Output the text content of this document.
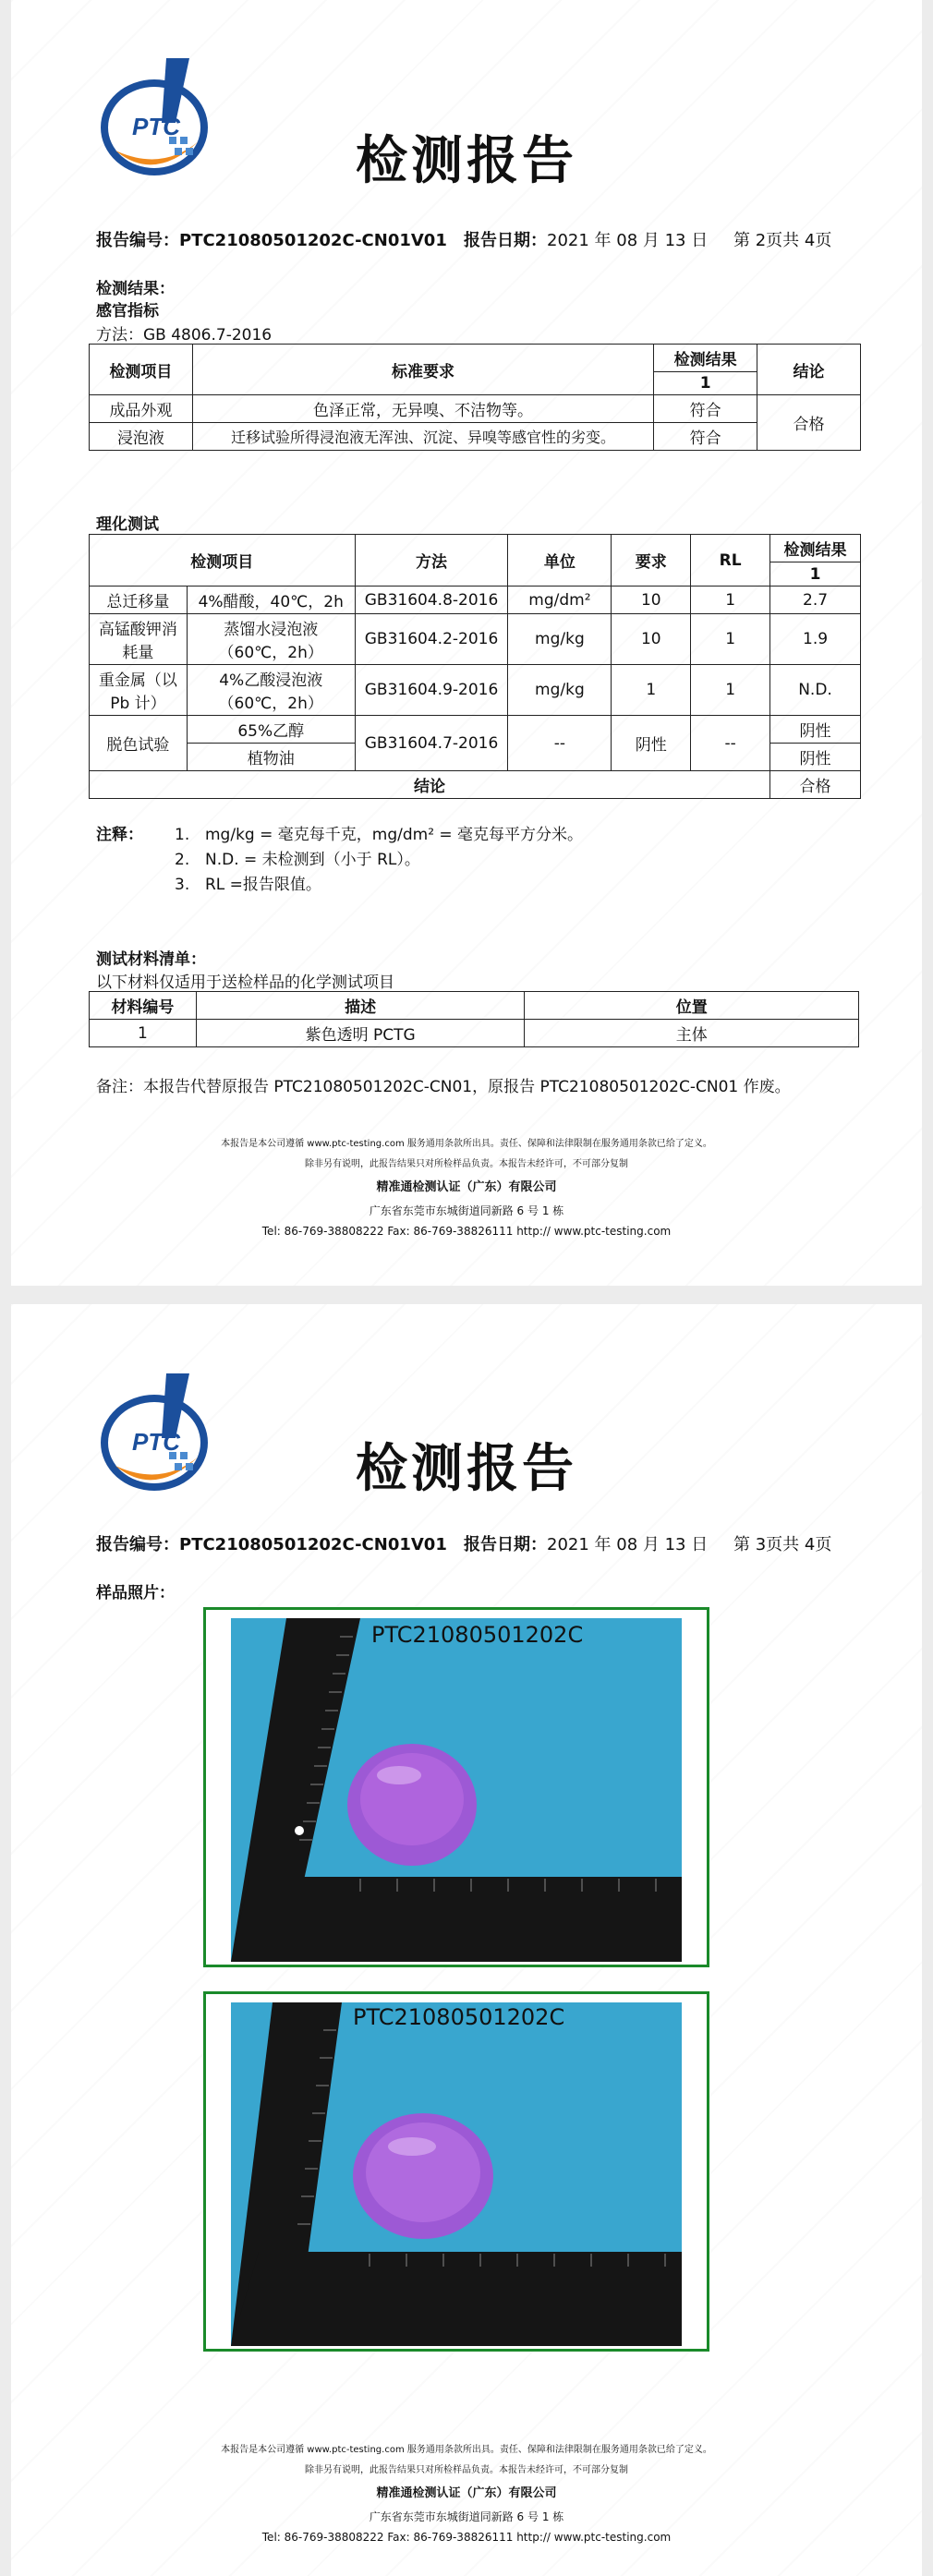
PTC
检测报告
报告编号：PTC21080501202C-CN01V01 报告日期：2021 年 08 月 13 日 第 2页共 4页
检测结果：
感官指标
方法：GB 4806.7-2016
检测项目	标准要求	检测结果	结论
		1	
成品外观	色泽正常，无异嗅、不洁物等。	符合	合格
浸泡液	迁移试验所得浸泡液无浑浊、沉淀、异嗅等感官性的劣变。	符合	
理化测试
检测项目		方法	单位	要求	RL	检测结果
						1
总迁移量	4%醋酸，40℃，2h	GB31604.8-2016	mg/dm²	10	1	2.7
高锰酸钾消耗量	蒸馏水浸泡液（60℃，2h）	GB31604.2-2016	mg/kg	10	1	1.9
重金属（以Pb 计）	4%乙酸浸泡液（60℃，2h）	GB31604.9-2016	mg/kg	1	1	N.D.
脱色试验	65%乙醇	GB31604.7-2016	--	阴性	--	阴性
	植物油					阴性
结论						合格
注释： 1. mg/kg = 毫克每千克，mg/dm² = 毫克每平方分米。
2. N.D. = 未检测到（小于 RL）。
3. RL =报告限值。
测试材料清单：
以下材料仅适用于送检样品的化学测试项目
材料编号	描述	位置
1	紫色透明 PCTG	主体
备注：本报告代替原报告 PTC21080501202C-CN01，原报告 PTC21080501202C-CN01 作废。
本报告是本公司遵循 www.ptc-testing.com 服务通用条款所出具。责任、保障和法律限制在服务通用条款已给了定义。
除非另有说明，此报告结果只对所检样品负责。本报告未经许可，不可部分复制
精准通检测认证（广东）有限公司
广东省东莞市东城街道同新路 6 号 1 栋
Tel: 86-769-38808222 Fax: 86-769-38826111 http:// www.ptc-testing.com
PTC	检测报告
报告编号：PTC21080501202C-CN01V01 报告日期：2021 年 08 月 13 日 第 3页共 4页
样品照片：
PTC21080501202C
PTC21080501202C
本报告是本公司遵循 www.ptc-testing.com 服务通用条款所出具。责任、保障和法律限制在服务通用条款已给了定义。
除非另有说明，此报告结果只对所检样品负责。本报告未经许可，不可部分复制
精准通检测认证（广东）有限公司
广东省东莞市东城街道同新路 6 号 1 栋
Tel: 86-769-38808222 Fax: 86-769-38826111 http:// www.ptc-testing.com
